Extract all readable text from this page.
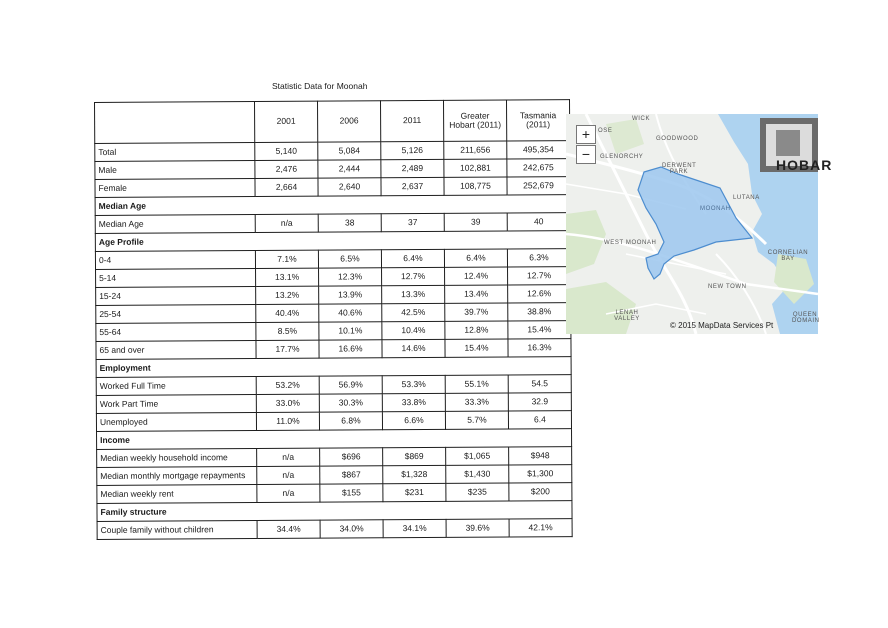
Statistic Data for Moonah
	2001	2006	2011	Greater Hobart (2011)	Tasmania (2011)
Total	5,140	5,084	5,126	211,656	495,354
Male	2,476	2,444	2,489	102,881	242,675
Female	2,664	2,640	2,637	108,775	252,679
Median Age					
Median Age	n/a	38	37	39	40
Age Profile					
0-4	7.1%	6.5%	6.4%	6.4%	6.3%
5-14	13.1%	12.3%	12.7%	12.4%	12.7%
15-24	13.2%	13.9%	13.3%	13.4%	12.6%
25-54	40.4%	40.6%	42.5%	39.7%	38.8%
55-64	8.5%	10.1%	10.4%	12.8%	15.4%
65 and over	17.7%	16.6%	14.6%	15.4%	16.3%
Employment					
Worked Full Time	53.2%	56.9%	53.3%	55.1%	54.5
Work Part Time	33.0%	30.3%	33.8%	33.3%	32.9
Unemployed	11.0%	6.8%	6.6%	5.7%	6.4
Income					
Median weekly household income	n/a	$696	$869	$1,065	$948
Median monthly mortgage repayments	n/a	$867	$1,328	$1,430	$1,300
Median weekly rent	n/a	$155	$231	$235	$200
Family structure					
Couple family without children	34.4%	34.0%	34.1%	39.6%	42.1%
+
−	GLENORCHY
GOODWOOD
DERWENT PARK
MOONAH
LUTANA
WEST MOONAH
NEW TOWN
LENAH VALLEY
CORNELIAN BAY
QUEEN DOMAIN
WICK
OSE
HOBAR
© 2015 MapData Services Pt
